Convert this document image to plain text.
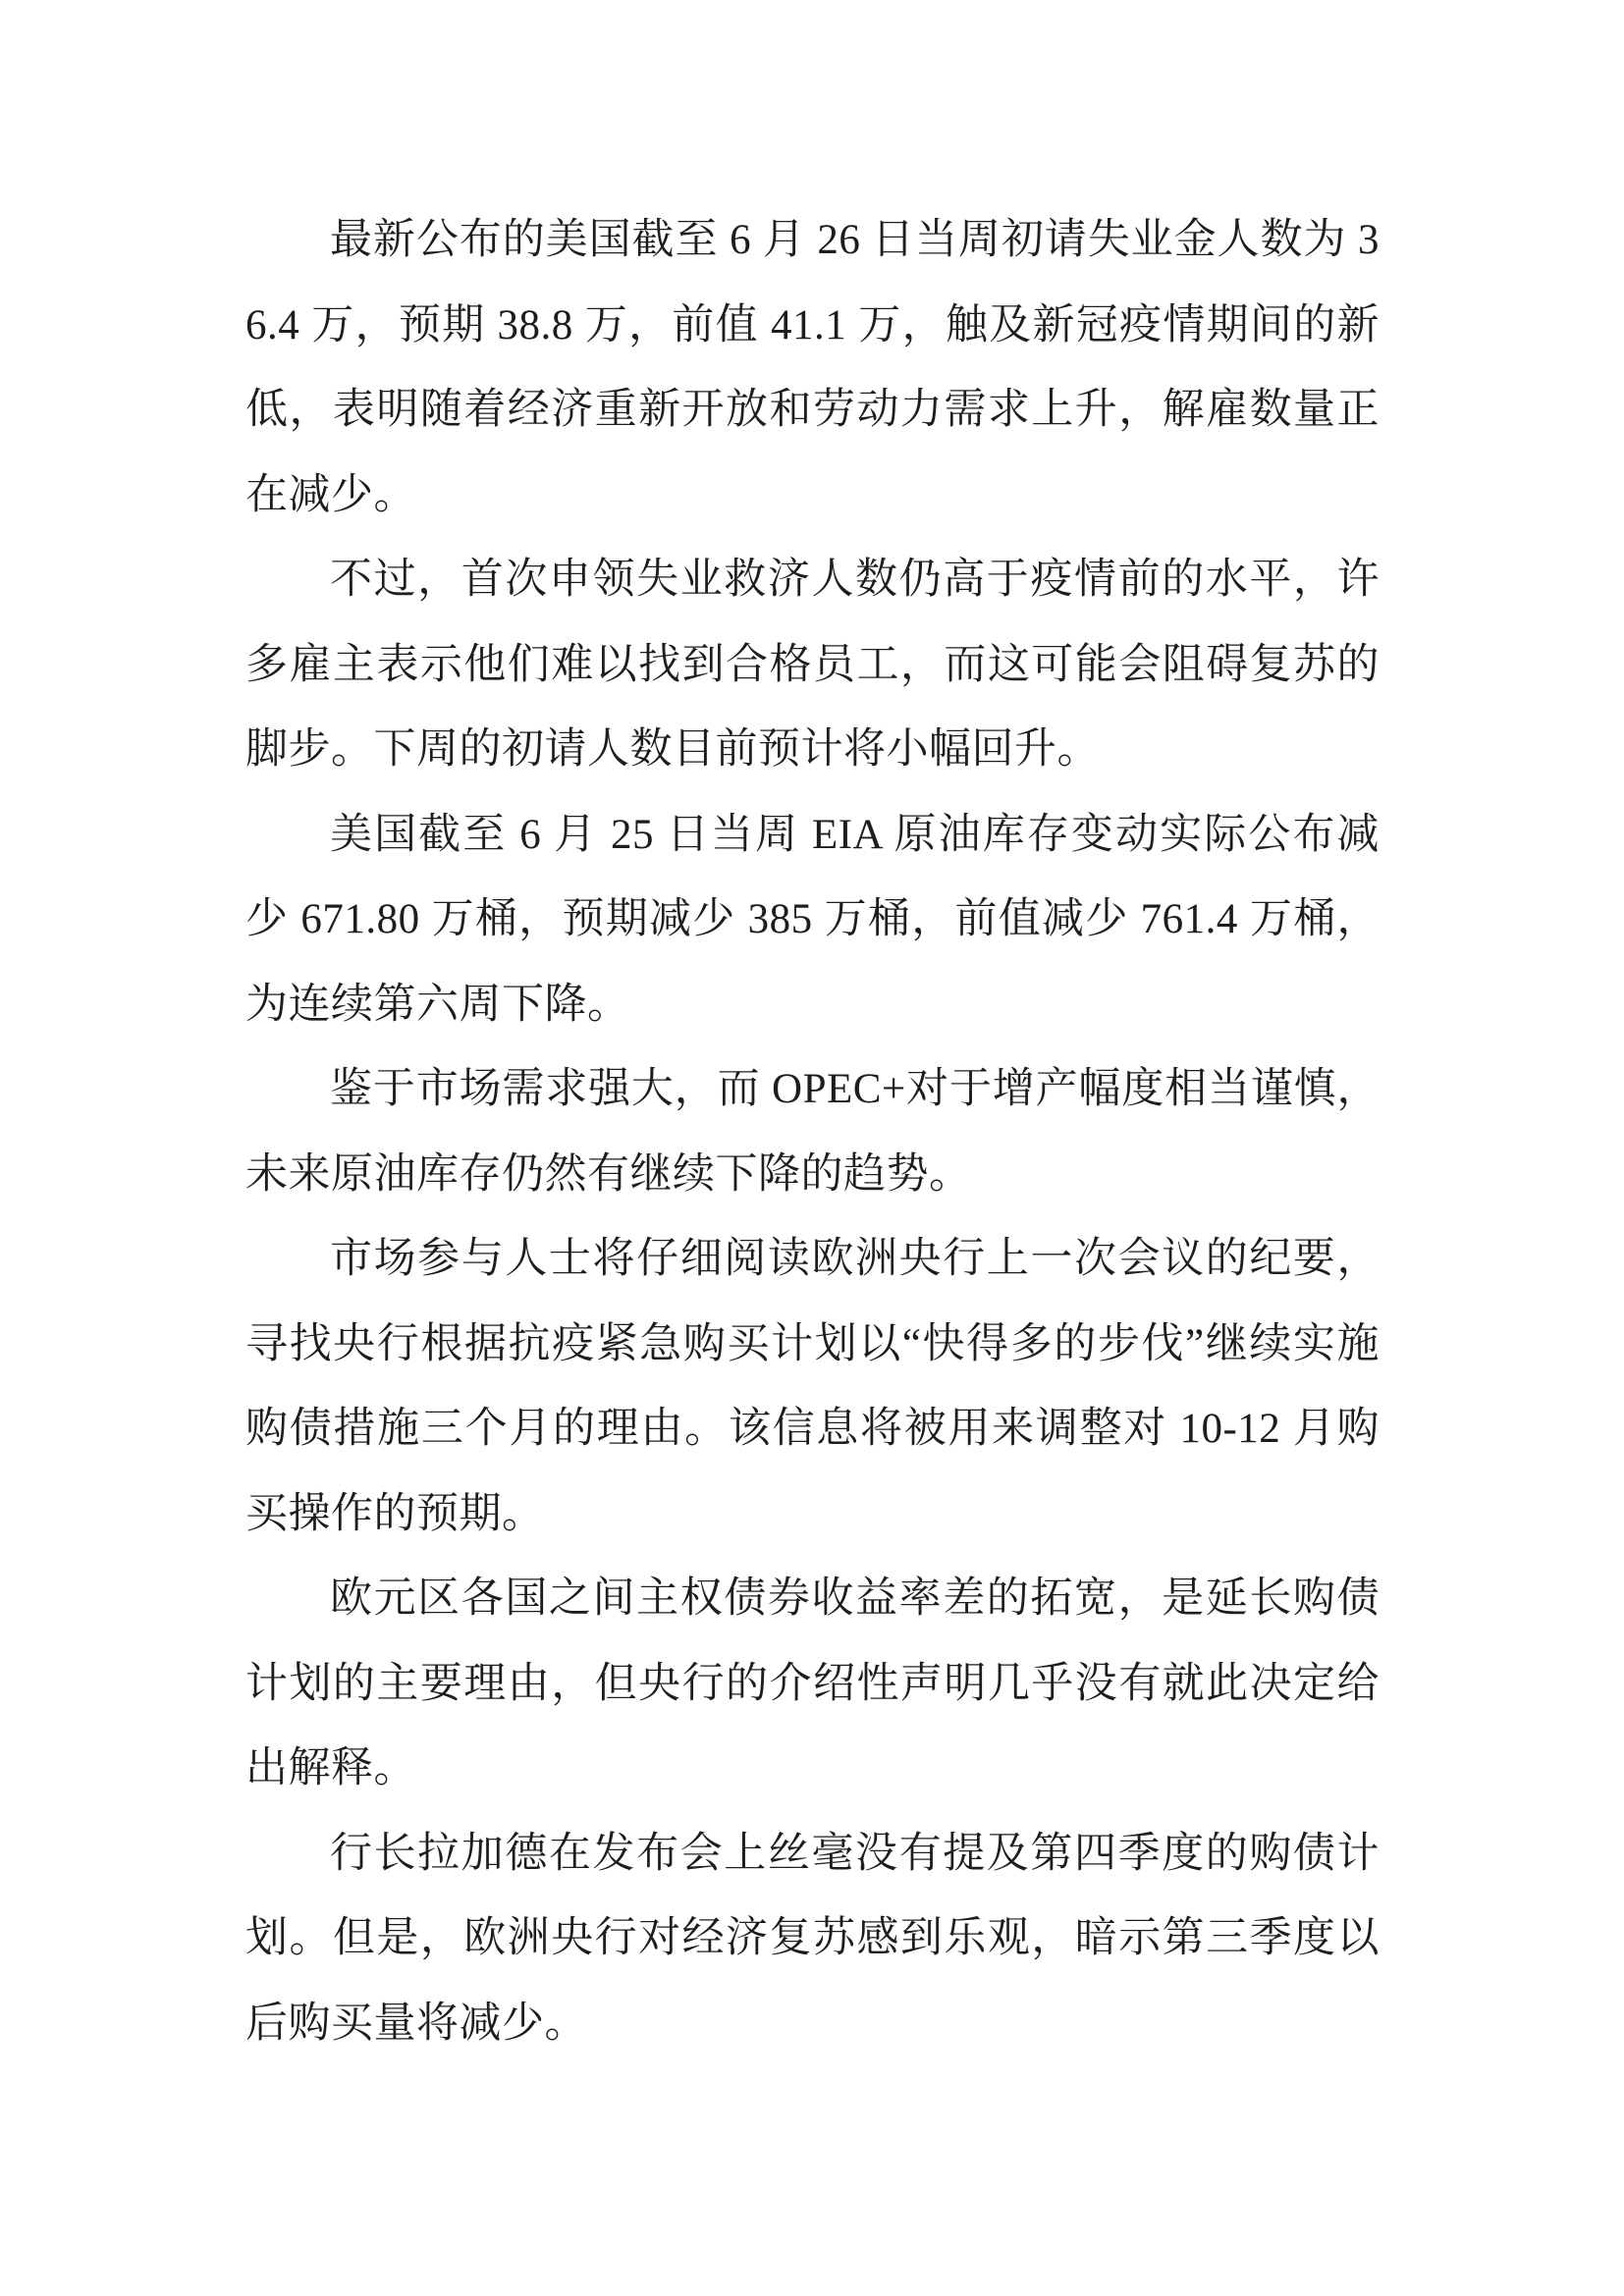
最新公布的美国截至 6 月 26 日当周初请失业金人数为 36.4 万，预期 38.8 万，前值 41.1 万，触及新冠疫情期间的新低，表明随着经济重新开放和劳动力需求上升，解雇数量正在减少。

不过，首次申领失业救济人数仍高于疫情前的水平，许多雇主表示他们难以找到合格员工，而这可能会阻碍复苏的脚步。下周的初请人数目前预计将小幅回升。

美国截至 6 月 25 日当周 EIA 原油库存变动实际公布减少 671.80 万桶，预期减少 385 万桶，前值减少 761.4 万桶，为连续第六周下降。

鉴于市场需求强大，而 OPEC+对于增产幅度相当谨慎，未来原油库存仍然有继续下降的趋势。

市场参与人士将仔细阅读欧洲央行上一次会议的纪要，寻找央行根据抗疫紧急购买计划以“快得多的步伐”继续实施购债措施三个月的理由。该信息将被用来调整对 10-12 月购买操作的预期。

欧元区各国之间主权债券收益率差的拓宽，是延长购债计划的主要理由，但央行的介绍性声明几乎没有就此决定给出解释。

行长拉加德在发布会上丝毫没有提及第四季度的购债计划。但是，欧洲央行对经济复苏感到乐观，暗示第三季度以后购买量将减少。
